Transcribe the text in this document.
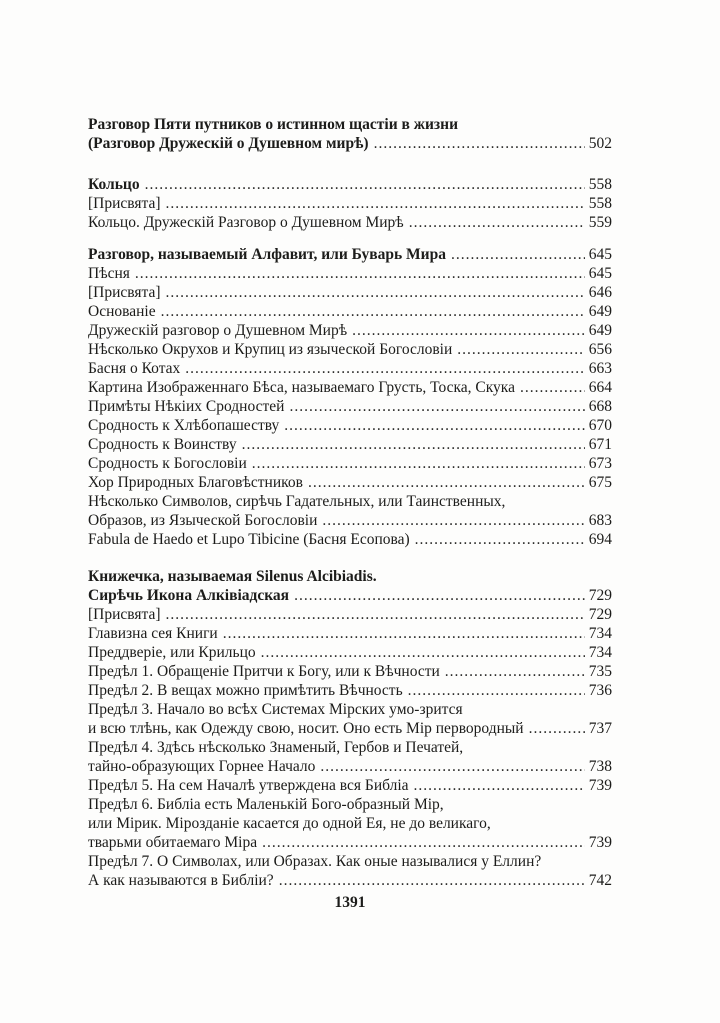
Разговор Пяти путников о истинном щастіи в жизни
(Разговор Дружескій о Душевном мирѣ) .....	502
Кольцо .....	558
[Присвята] .....	558
Кольцо. Дружескій Разговор о Душевном Мирѣ .....	559
Разговор, называемый Алфавит, или Буварь Мира .....	645
Пѣсня .....	645
[Присвята] .....	646
Основаніе .....	649
Дружескій разговор о Душевном Мирѣ .....	649
Нѣсколько Окрухов и Крупиц из языческой Богословіи .....	656
Басня о Котах .....	663
Картина Изображеннаго Бѣса, называемаго Грусть, Тоска, Скука .....	664
Примѣты Нѣкіих Сродностей .....	668
Сродность к Хлѣбопашеству .....	670
Сродность к Воинству .....	671
Сродность к Богословіи .....	673
Хор Природных Благовѣстников .....	675
Нѣсколько Символов, сирѣчь Гадательных, или Таинственных,
Образов, из Языческой Богословіи .....	683
Fabula de Haedo et Lupo Tibicine (Басня Есопова) .....	694
Книжечка, называемая Silenus Alcibiadis.
Сирѣчь Икона Алківіадская .....	729
[Присвята] .....	729
Главизна сея Книги .....	734
Преддверіе, или Крильцо .....	734
Предѣл 1. Обращеніе Притчи к Богу, или к Вѣчности .....	735
Предѣл 2. В вещах можно примѣтить Вѣчность .....	736
Предѣл 3. Начало во всѣх Системах Мірских умо-зрится
и всю тлѣнь, как Одежду свою, носит. Оно есть Мір первородный .....	737
Предѣл 4. Здѣсь нѣсколько Знаменый, Гербов и Печатей,
тайно-образующих Горнее Начало .....	738
Предѣл 5. На сем Началѣ утверждена вся Библіа .....	739
Предѣл 6. Библіа есть Маленькій Бого-образный Мір,
или Мірик. Мірозданіе касается до одной Ея, не до великаго,
тварьми обитаемаго Міра .....	739
Предѣл 7. О Символах, или Образах. Как оные называлися у Еллин?
А как называются в Библіи? .....	742
1391
